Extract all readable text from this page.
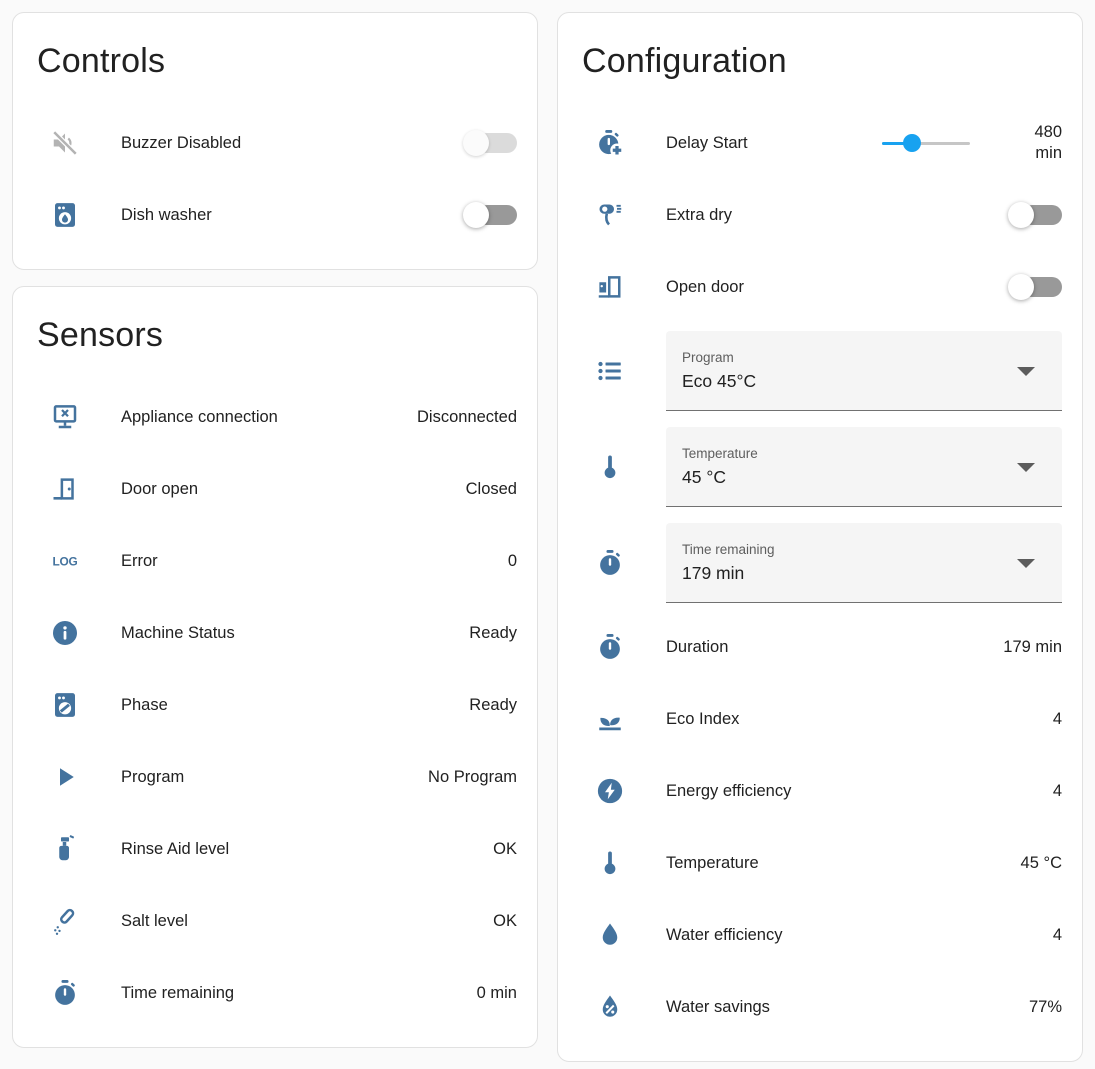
Controls
Buzzer Disabled
Dish washer
Sensors
Appliance connection	Disconnected
Door open	Closed
LOG	Error	0
Machine Status	Ready
Phase	Ready
Program	No Program
Rinse Aid level	OK
Salt level	OK
Time remaining	0 min
Configuration
Delay Start
480
min
Extra dry
Open door
Program
Eco 45°C
Temperature
45 °C
Time remaining
179 min
Duration	179 min
Eco Index	4
Energy efficiency	4
Temperature	45 °C
Water efficiency	4
Water savings	77%
